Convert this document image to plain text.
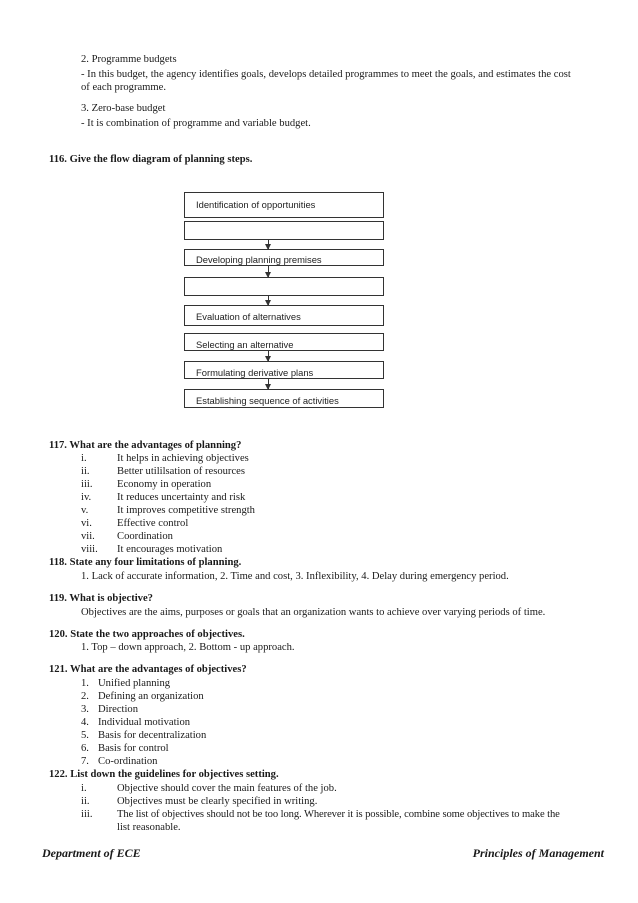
2. Programme budgets
- In this budget, the agency identifies goals, develops detailed programmes to meet the goals, and estimates the cost
of each programme.
3. Zero-base budget
- It is combination of programme and variable budget.
116. Give the flow diagram of planning steps.
Identification of opportunities
Developing planning premises
Evaluation of alternatives
Selecting an alternative
Formulating derivative plans
Establishing sequence of activities
117. What are the advantages of planning?
i.	It helps in achieving objectives
ii.	Better utililsation of resources
iii. Economy in operation
iv. It reduces uncertainty and risk
v.	It improves competitive strength
vi. Effective control
vii. Coordination
viii. It encourages motivation
118. State any four limitations of planning.
1. Lack of accurate information, 2. Time and cost, 3. Inflexibility, 4. Delay during emergency period.
119. What is objective?
Objectives are the aims, purposes or goals that an organization wants to achieve over varying periods of time.
120. State the two approaches of objectives.
1. Top – down approach, 2. Bottom - up approach.
121. What are the advantages of objectives?
1. Unified planning
2. Defining an organization
3. Direction
4. Individual motivation
5. Basis for decentralization
6. Basis for control
7. Co-ordination
122. List down the guidelines for objectives setting.
i.	Objective should cover the main features of the job.
ii.	Objectives must be clearly specified in writing.
iii. The list of objectives should not be too long. Wherever it is possible, combine some objectives to make the
list reasonable.
Department of ECE	Principles of Management
